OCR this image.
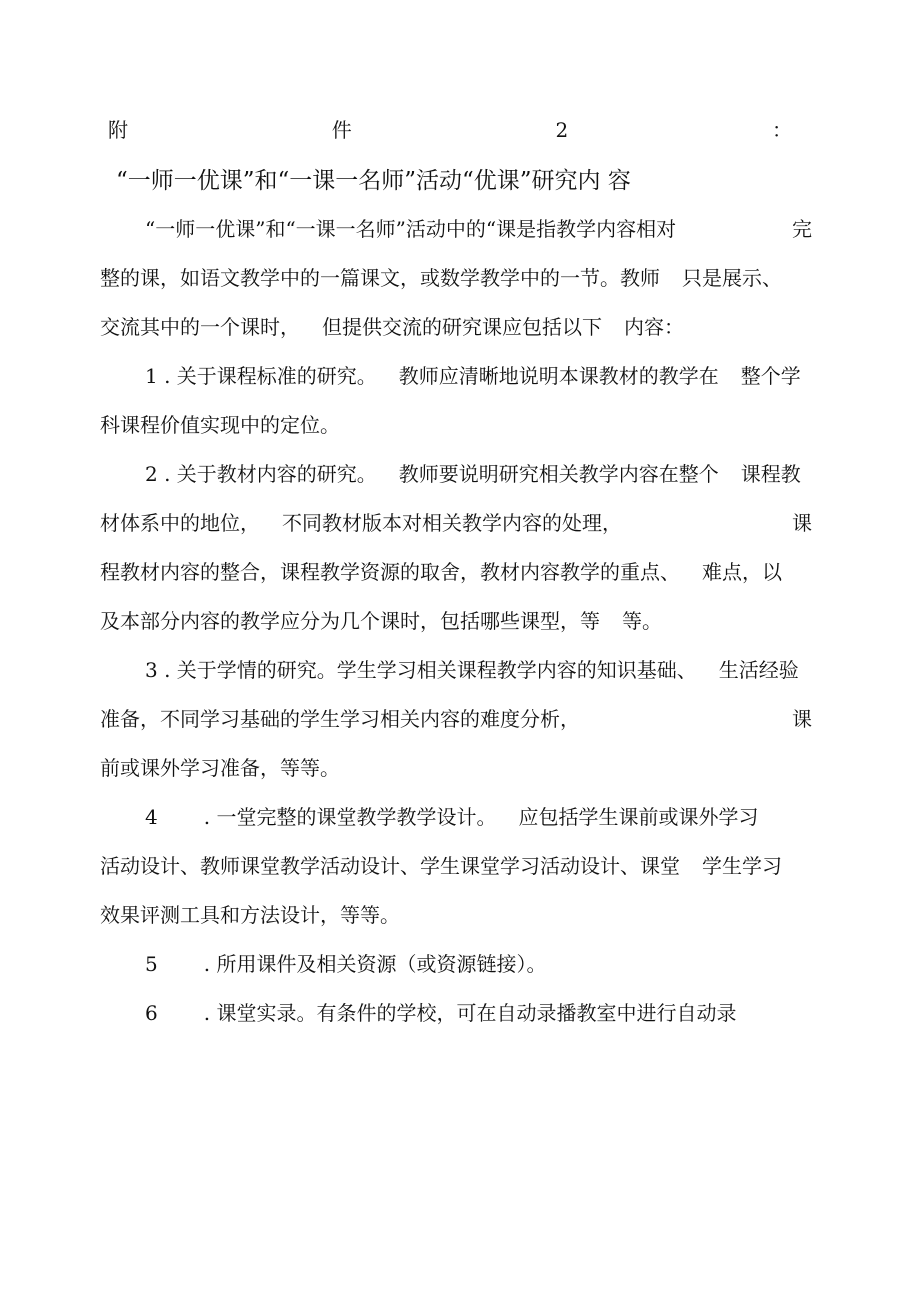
附	件	2	：
“一师一优课”和“一课一名师”活动“优课”研究内 容
“一师一优课”和“一课一名师”活动中的“课是指教学内容相对	完
整的课，如语文教学中的一篇课文，或数学教学中的一节。教师 只是展示、
交流其中的一个课时， 但提供交流的研究课应包括以下 内容：
1 . 关于课程标准的研究。 教师应清晰地说明本课教材的教学在 整个学
科课程价值实现中的定位。
2 . 关于教材内容的研究。 教师要说明研究相关教学内容在整个 课程教
材体系中的地位， 不同教材版本对相关教学内容的处理，	课
程教材内容的整合，课程教学资源的取舍，教材内容教学的重点、 难点，以
及本部分内容的教学应分为几个课时，包括哪些课型，等 等。
3 . 关于学情的研究。学生学习相关课程教学内容的知识基础、 生活经验
准备，不同学习基础的学生学习相关内容的难度分析，	课
前或课外学习准备，等等。
4 . 一堂完整的课堂教学教学设计。 应包括学生课前或课外学习
活动设计、教师课堂教学活动设计、学生课堂学习活动设计、课堂 学生学习
效果评测工具和方法设计，等等。
5 . 所用课件及相关资源（或资源链接）。
6 . 课堂实录。有条件的学校，可在自动录播教室中进行自动录
